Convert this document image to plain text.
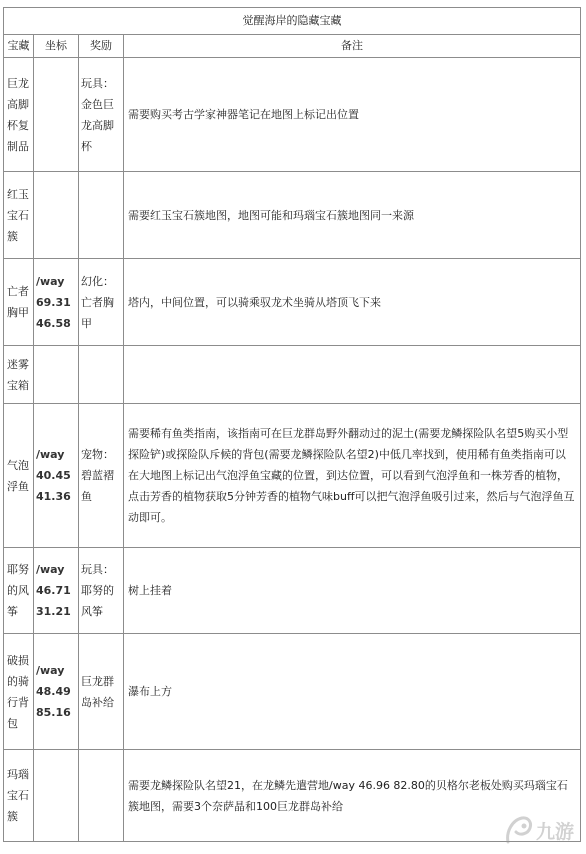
觉醒海岸的隐藏宝藏			
宝藏	坐标	奖励	备注
巨龙高脚杯复制品		玩具：金色巨龙高脚杯	需要购买考古学家神器笔记在地图上标记出位置
红玉宝石簇			需要红玉宝石簇地图，地图可能和玛瑙宝石簇地图同一来源
亡者胸甲	/way 69.31 46.58	幻化：亡者胸甲	塔内，中间位置，可以骑乘驭龙术坐骑从塔顶飞下来
迷雾宝箱			
气泡浮鱼	/way 40.45 41.36	宠物：碧蓝褶鱼	需要稀有鱼类指南，该指南可在巨龙群岛野外翻动过的泥土(需要龙鳞探险队名望5购买小型探险铲)或探险队斥候的背包(需要龙鳞探险队名望2)中低几率找到，使用稀有鱼类指南可以在大地图上标记出气泡浮鱼宝藏的位置，到达位置，可以看到气泡浮鱼和一株芳香的植物，点击芳香的植物获取5分钟芳香的植物气味buff可以把气泡浮鱼吸引过来，然后与气泡浮鱼互动即可。
耶努的风筝	/way 46.71 31.21	玩具：耶努的风筝	树上挂着
破损的骑行背包	/way 48.49 85.16	巨龙群岛补给	瀑布上方
玛瑙宝石簇			需要龙鳞探险队名望21，在龙鳞先遣营地/way 46.96 82.80的贝格尔老板处购买玛瑙宝石簇地图，需要3个奈萨晶和100巨龙群岛补给
九游
